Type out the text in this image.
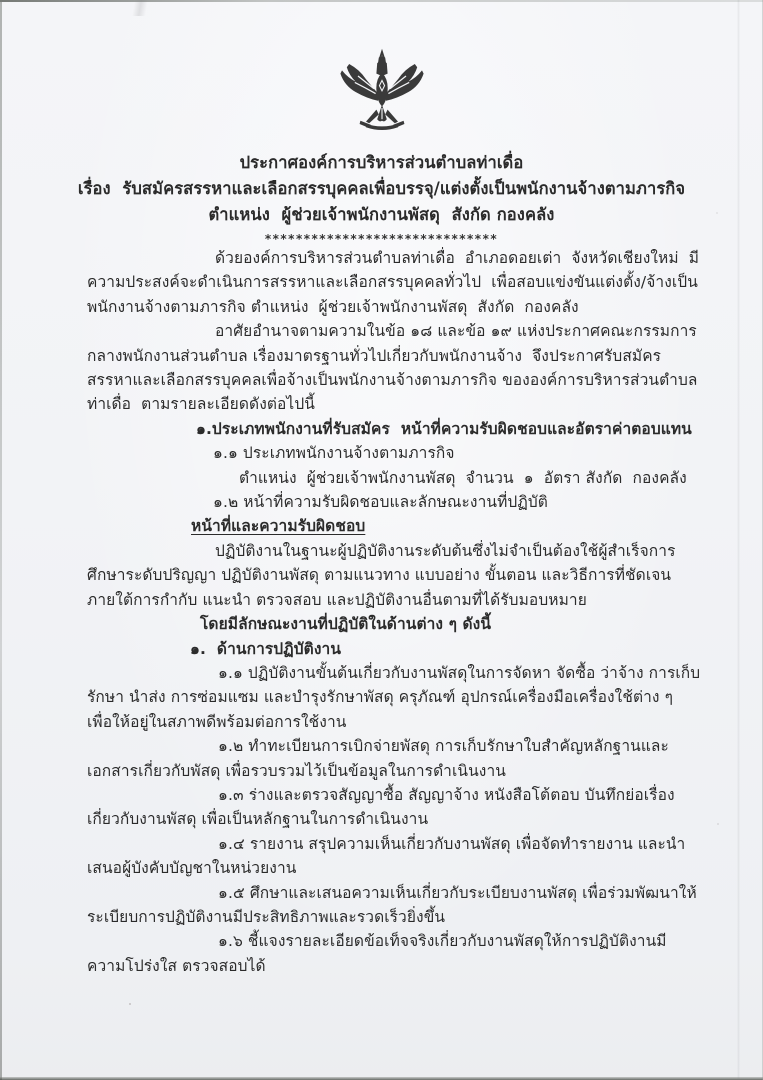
ประกาศองค์การบริหารส่วนตำบลท่าเดื่อ
เรื่อง  รับสมัครสรรหาและเลือกสรรบุคคลเพื่อบรรจุ/แต่งตั้งเป็นพนักงานจ้างตามภารกิจ
ตำแหน่ง  ผู้ช่วยเจ้าพนักงานพัสดุ  สังกัด กองคลัง
******************************

ด้วยองค์การบริหารส่วนตำบลท่าเดื่อ  อำเภอดอยเต่า  จังหวัดเชียงใหม่  มีความประสงค์จะดำเนินการสรรหาและเลือกสรรบุคคลทั่วไป  เพื่อสอบแข่งขันแต่งตั้ง/จ้างเป็นพนักงานจ้างตามภารกิจ ตำแหน่ง  ผู้ช่วยเจ้าพนักงานพัสดุ  สังกัด  กองคลัง

อาศัยอำนาจตามความในข้อ ๑๘ และข้อ ๑๙ แห่งประกาศคณะกรรมการกลางพนักงานส่วนตำบล เรื่องมาตรฐานทั่วไปเกี่ยวกับพนักงานจ้าง  จึงประกาศรับสมัครสรรหาและเลือกสรรบุคคลเพื่อจ้างเป็นพนักงานจ้างตามภารกิจ ขององค์การบริหารส่วนตำบลท่าเดื่อ  ตามรายละเอียดดังต่อไปนี้

๑.ประเภทพนักงานที่รับสมัคร  หน้าที่ความรับผิดชอบและอัตราค่าตอบแทน

๑.๑ ประเภทพนักงานจ้างตามภารกิจ

ตำแหน่ง  ผู้ช่วยเจ้าพนักงานพัสดุ  จำนวน  ๑  อัตรา สังกัด  กองคลัง

๑.๒ หน้าที่ความรับผิดชอบและลักษณะงานที่ปฏิบัติ

หน้าที่และความรับผิดชอบ

ปฏิบัติงานในฐานะผู้ปฏิบัติงานระดับต้นซึ่งไม่จำเป็นต้องใช้ผู้สำเร็จการศึกษาระดับปริญญา ปฏิบัติงานพัสดุ ตามแนวทาง แบบอย่าง ขั้นตอน และวิธีการที่ชัดเจน ภายใต้การกำกับ แนะนำ ตรวจสอบ และปฏิบัติงานอื่นตามที่ได้รับมอบหมาย

โดยมีลักษณะงานที่ปฏิบัติในด้านต่าง ๆ ดังนี้

๑.  ด้านการปฏิบัติงาน

๑.๑ ปฏิบัติงานขั้นต้นเกี่ยวกับงานพัสดุในการจัดหา จัดซื้อ ว่าจ้าง การเก็บรักษา นำส่ง การซ่อมแซม และบำรุงรักษาพัสดุ ครุภัณฑ์ อุปกรณ์เครื่องมือเครื่องใช้ต่าง ๆ เพื่อให้อยู่ในสภาพดีพร้อมต่อการใช้งาน

๑.๒ ทำทะเบียนการเบิกจ่ายพัสดุ การเก็บรักษาใบสำคัญหลักฐานและเอกสารเกี่ยวกับพัสดุ เพื่อรวบรวมไว้เป็นข้อมูลในการดำเนินงาน

๑.๓ ร่างและตรวจสัญญาซื้อ สัญญาจ้าง หนังสือโต้ตอบ บันทึกย่อเรื่องเกี่ยวกับงานพัสดุ เพื่อเป็นหลักฐานในการดำเนินงาน

๑.๔ รายงาน สรุปความเห็นเกี่ยวกับงานพัสดุ เพื่อจัดทำรายงาน และนำเสนอผู้บังคับบัญชาในหน่วยงาน

๑.๕ ศึกษาและเสนอความเห็นเกี่ยวกับระเบียบงานพัสดุ เพื่อร่วมพัฒนาให้ระเบียบการปฏิบัติงานมีประสิทธิภาพและรวดเร็วยิ่งขึ้น

๑.๖ ชี้แจงรายละเอียดข้อเท็จจริงเกี่ยวกับงานพัสดุให้การปฏิบัติงานมีความโปร่งใส ตรวจสอบได้
